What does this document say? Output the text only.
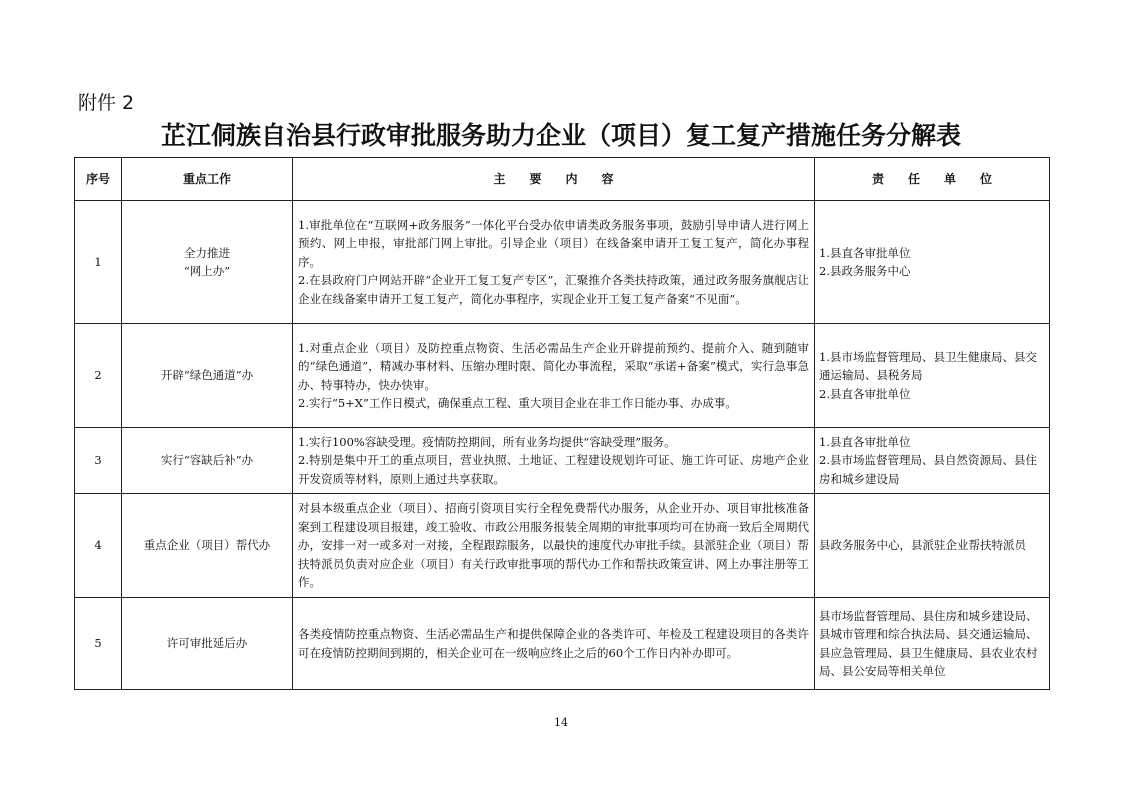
附件 2
芷江侗族自治县行政审批服务助力企业（项目）复工复产措施任务分解表
序号	重点工作	主　　要　　内　　容	责　　任　　单　　位
1	全力推进
“网上办”	1.审批单位在“互联网+政务服务”一体化平台受办依申请类政务服务事项，鼓励引导申请人进行网上预约、网上申报，审批部门网上审批。引导企业（项目）在线备案申请开工复工复产，简化办事程序。
2.在县政府门户网站开辟“企业开工复工复产专区”，汇聚推介各类扶持政策，通过政务服务旗舰店让企业在线备案申请开工复工复产，简化办事程序，实现企业开工复工复产备案“不见面”。	1.县直各审批单位
2.县政务服务中心

2	开辟“绿色通道”办	1.对重点企业（项目）及防控重点物资、生活必需品生产企业开辟提前预约、提前介入、随到随审的“绿色通道”，精减办事材料、压缩办理时限、简化办事流程，采取“承诺+备案”模式，实行急事急办、特事特办，快办快审。
2.实行“5+X”工作日模式，确保重点工程、重大项目企业在非工作日能办事、办成事。	1.县市场监督管理局、县卫生健康局、县交通运输局、县税务局
2.县直各审批单位

3	实行“容缺后补”办	1.实行100%容缺受理。疫情防控期间，所有业务均提供“容缺受理”服务。
2.特别是集中开工的重点项目，营业执照、土地证、工程建设规划许可证、施工许可证、房地产企业开发资质等材料，原则上通过共享获取。	1.县直各审批单位
2.县市场监督管理局、县自然资源局、县住房和城乡建设局

4	重点企业（项目）帮代办	对县本级重点企业（项目）、招商引资项目实行全程免费帮代办服务，从企业开办、项目审批核准备案到工程建设项目报建，竣工验收、市政公用服务报装全周期的审批事项均可在协商一致后全周期代办，安排一对一或多对一对接，全程跟踪服务，以最快的速度代办审批手续。县派驻企业（项目）帮扶特派员负责对应企业（项目）有关行政审批事项的帮代办工作和帮扶政策宣讲、网上办事注册等工作。	县政务服务中心，县派驻企业帮扶特派员

5	许可审批延后办	各类疫情防控重点物资、生活必需品生产和提供保障企业的各类许可、年检及工程建设项目的各类许可在疫情防控期间到期的，相关企业可在一级响应终止之后的60个工作日内补办即可。	县市场监督管理局、县住房和城乡建设局、县城市管理和综合执法局、县交通运输局、县应急管理局、县卫生健康局、县农业农村局、县公安局等相关单位
14
